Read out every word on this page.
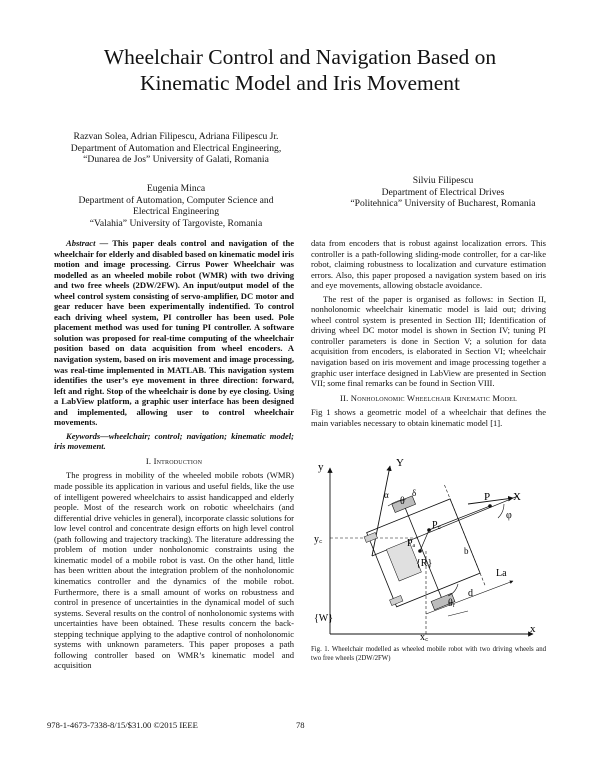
Wheelchair Control and Navigation Based on
Kinematic Model and Iris Movement
Razvan Solea, Adrian Filipescu, Adriana Filipescu Jr.
Department of Automation and Electrical Engineering,
“Dunarea de Jos” University of Galati, Romania
Eugenia Minca
Department of Automation, Computer Science and
Electrical Engineering
“Valahia” University of Targoviste, Romania
Silviu Filipescu
Department of Electrical Drives
“Politehnica” University of Bucharest, Romania

Abstract — This paper deals control and navigation of the wheelchair for elderly and disabled based on kinematic model iris motion and image processing. Cirrus Power Wheelchair was modelled as an wheeled mobile robot (WMR) with two driving and two free wheels (2DW/2FW). An input/output model of the wheel control system consisting of servo-amplifier, DC motor and gear reducer have been experimentally indentified. To control each driving wheel system, PI controller has been used. Pole placement method was used for tuning PI controller. A software solution was proposed for real-time computing of the wheelchair position based on data acquisition from wheel encoders. A navigation system, based on iris movement and image processing, was real-time implemented in MATLAB. This navigation system identifies the user’s eye movement in three direction: forward, left and right. Stop of the wheelchair is done by eye closing. Using a LabView platform, a graphic user interface has been designed and implemented, allowing user to control wheelchair movements.

Keywords—wheelchair; control; navigation; kinematic model; iris movement.

I. Introduction

The progress in mobility of the wheeled mobile robots (WMR) made possible its application in various and useful fields, like the use of intelligent powered wheelchairs to assist handicapped and elderly people. Most of the research work on robotic wheelchairs (and differential drive vehicles in general), incorporate classic solutions for low level control and concentrate design efforts on high level control (path following and trajectory tracking). The literature addressing the problem of motion under nonholonomic constraints using the kinematic model of a mobile robot is vast. On the other hand, little has been written about the integration problem of the nonholonomic kinematics controller and the dynamics of the mobile robot. Furthermore, there is a small amount of works on robustness and control in presence of uncertainties in the dynamical model of such systems. Several results on the control of nonholonomic systems with uncertainties have been obtained. These results concern the back-stepping technique applying to the adaptive control of nonholonomic systems with unknown parameters. This paper proposes a path following controller based on WMR’s kinematic model and acquisition

data from encoders that is robust against localization errors. This controller is a path-following sliding-mode controller, for a car-like robot, claiming robustness to localization and curvature estimation errors. Also, this paper proposed a navigation system based on iris and eye movements, allowing obstacle avoidance.

The rest of the paper is organised as follows: in Section II, nonholonomic wheelchair kinematic model is laid out; driving wheel control system is presented in Section III; Identification of driving wheel DC motor model is shown in Section IV; tuning PI controller parameters is done in Section V; a solution for data acquisition from encoders, is elaborated in Section VI; wheelchair navigation based on iris movement and image processing together a graphic user interface designed in LabView are presented in Section VII; some final remarks can be found in Section VIII.

II. Nonholonomic Wheelchair Kinematic Model

Fig 1 shows a geometric model of a wheelchair that defines the main variables necessary to obtain kinematic model [1].

y	Y
X
x
P
Pₐ
P꜀
{R}
{W}
y꜀
x꜀
La
d
θ
θᵣ
φ
δ
α
b
Fig. 1. Wheelchair modelled as wheeled mobile robot with two driving wheels and two free wheels (2DW/2FW)
978-1-4673-7338-8/15/$31.00 ©2015 IEEE	78
